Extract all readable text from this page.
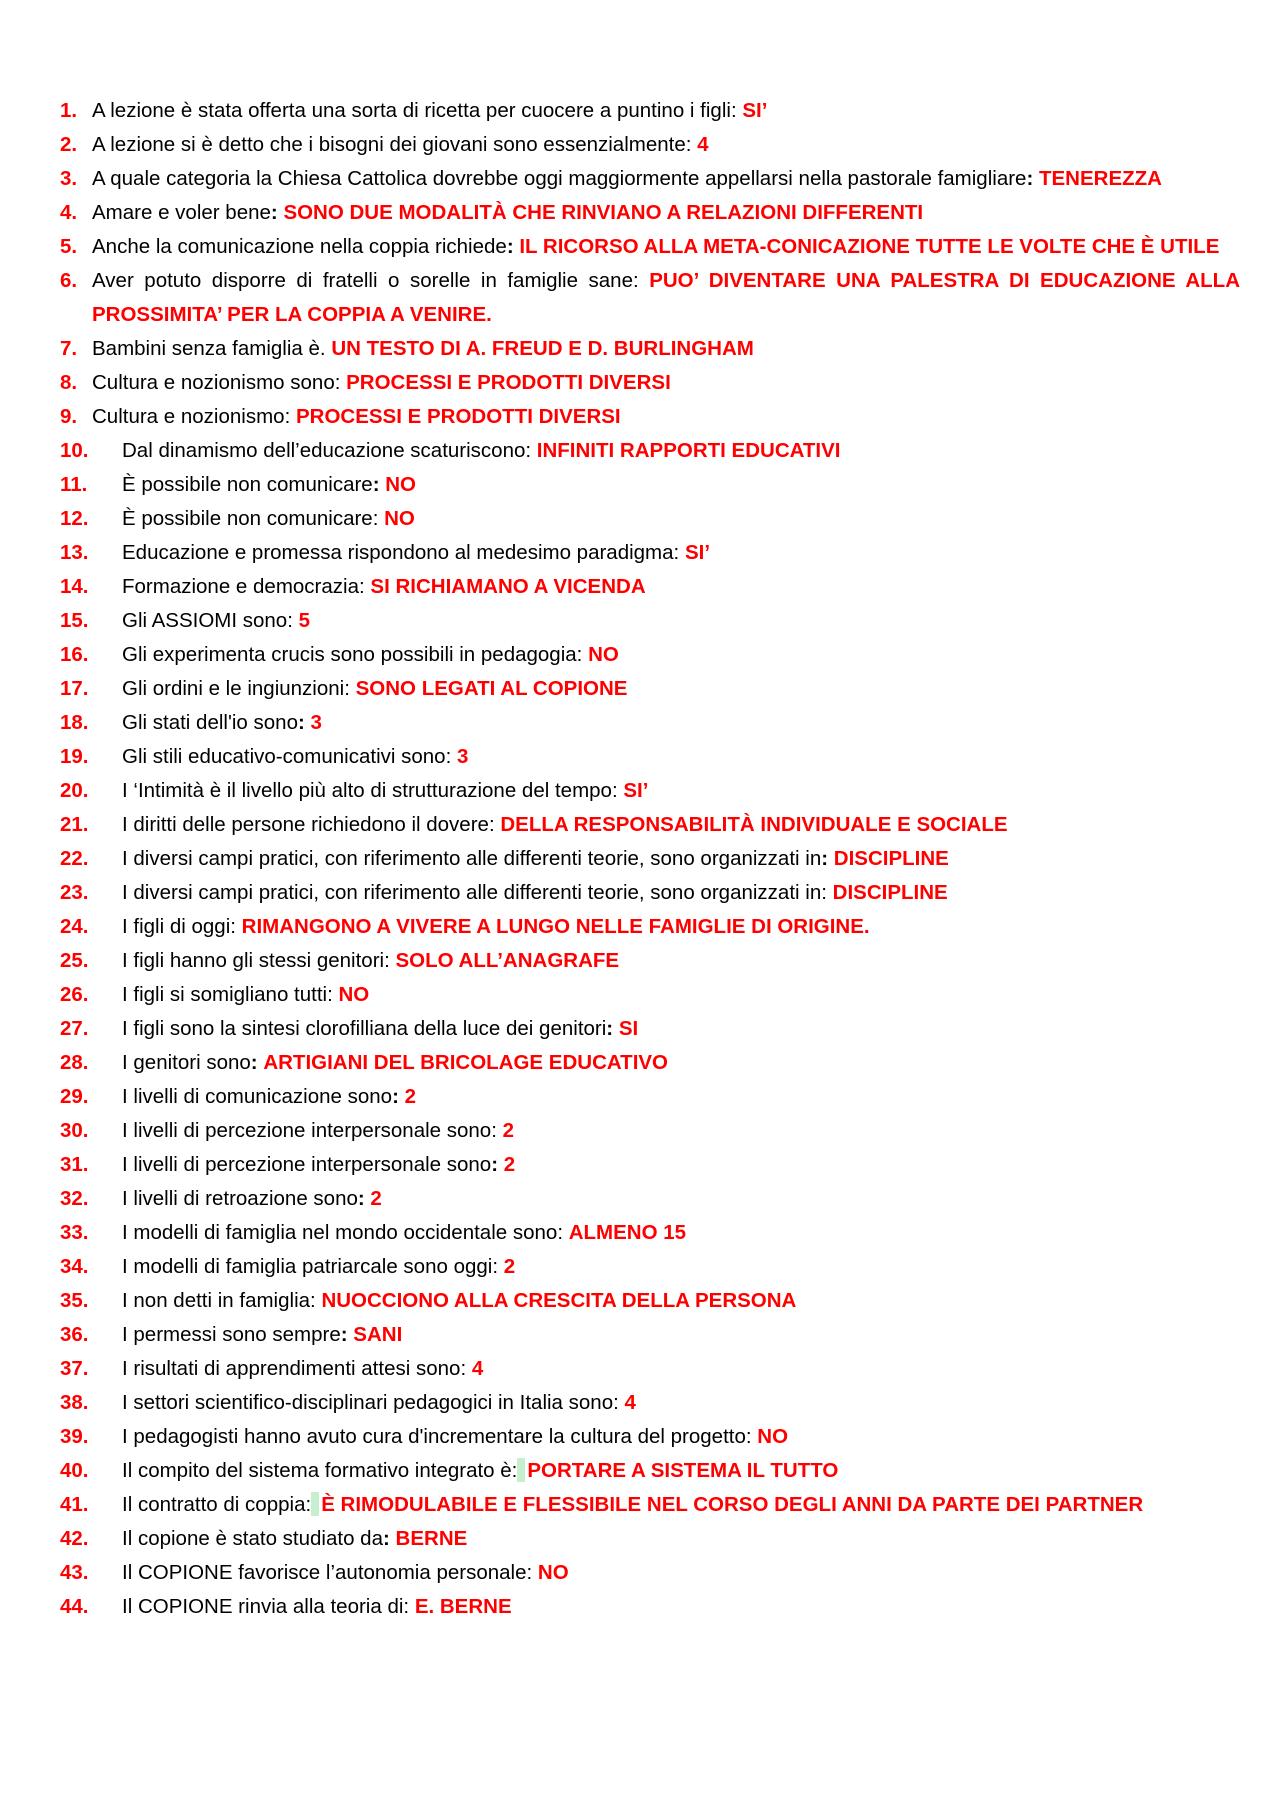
1. A lezione è stata offerta una sorta di ricetta per cuocere a puntino i figli: SI’
2. A lezione si è detto che i bisogni dei giovani sono essenzialmente: 4
3. A quale categoria la Chiesa Cattolica dovrebbe oggi maggiormente appellarsi nella pastorale famigliare: TENEREZZA
4. Amare e voler bene: SONO DUE MODALITÀ CHE RINVIANO A RELAZIONI DIFFERENTI
5. Anche la comunicazione nella coppia richiede: IL RICORSO ALLA META-CONICAZIONE TUTTE LE VOLTE CHE È UTILE
6. Aver potuto disporre di fratelli o sorelle in famiglie sane: PUO’ DIVENTARE UNA PALESTRA DI EDUCAZIONE ALLA PROSSIMITA’ PER LA COPPIA A VENIRE.
7. Bambini senza famiglia è. UN TESTO DI A. FREUD E D. BURLINGHAM
8. Cultura e nozionismo sono: PROCESSI E PRODOTTI DIVERSI
9. Cultura e nozionismo: PROCESSI E PRODOTTI DIVERSI
10. Dal dinamismo dell’educazione scaturiscono: INFINITI RAPPORTI EDUCATIVI
11. È possibile non comunicare: NO
12. È possibile non comunicare: NO
13. Educazione e promessa rispondono al medesimo paradigma: SI’
14. Formazione e democrazia: SI RICHIAMANO A VICENDA
15. Gli ASSIOMI sono: 5
16. Gli experimenta crucis sono possibili in pedagogia: NO
17. Gli ordini e le ingiunzioni: SONO LEGATI AL COPIONE
18. Gli stati dell'io sono: 3
19. Gli stili educativo-comunicativi sono: 3
20. I ‘Intimità è il livello più alto di strutturazione del tempo: SI’
21. I diritti delle persone richiedono il dovere: DELLA RESPONSABILITÀ INDIVIDUALE E SOCIALE
22. I diversi campi pratici, con riferimento alle differenti teorie, sono organizzati in: DISCIPLINE
23. I diversi campi pratici, con riferimento alle differenti teorie, sono organizzati in: DISCIPLINE
24. I figli di oggi: RIMANGONO A VIVERE A LUNGO NELLE FAMIGLIE DI ORIGINE.
25. I figli hanno gli stessi genitori: SOLO ALL’ANAGRAFE
26. I figli si somigliano tutti: NO
27. I figli sono la sintesi clorofilliana della luce dei genitori: SI
28. I genitori sono: ARTIGIANI DEL BRICOLAGE EDUCATIVO
29. I livelli di comunicazione sono: 2
30. I livelli di percezione interpersonale sono: 2
31. I livelli di percezione interpersonale sono: 2
32. I livelli di retroazione sono: 2
33. I modelli di famiglia nel mondo occidentale sono: ALMENO 15
34. I modelli di famiglia patriarcale sono oggi: 2
35. I non detti in famiglia: NUOCCIONO ALLA CRESCITA DELLA PERSONA
36. I permessi sono sempre: SANI
37. I risultati di apprendimenti attesi sono: 4
38. I settori scientifico-disciplinari pedagogici in Italia sono: 4
39. I pedagogisti hanno avuto cura d'incrementare la cultura del progetto: NO
40. Il compito del sistema formativo integrato è: PORTARE A SISTEMA IL TUTTO
41. Il contratto di coppia: È RIMODULABILE E FLESSIBILE NEL CORSO DEGLI ANNI DA PARTE DEI PARTNER
42. Il copione è stato studiato da: BERNE
43. Il COPIONE favorisce l’autonomia personale: NO
44. Il COPIONE rinvia alla teoria di: E. BERNE
